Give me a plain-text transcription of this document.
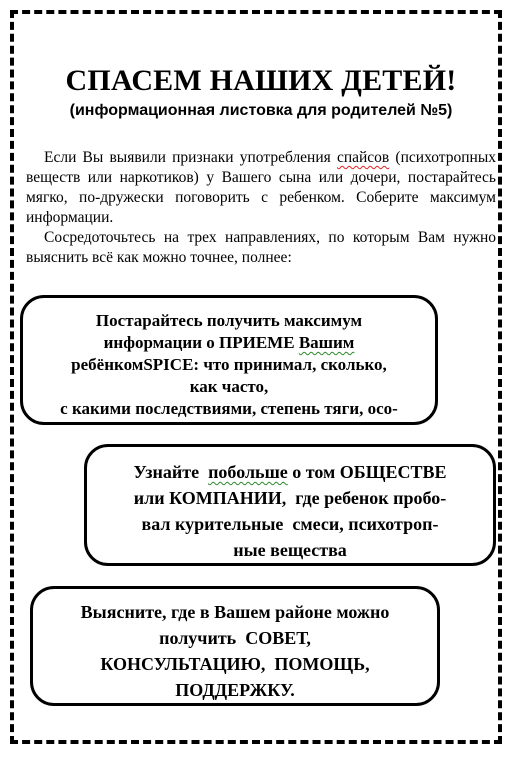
СПАСЕМ НАШИХ ДЕТЕЙ!
(информационная листовка для родителей №5)

Если Вы выявили признаки употребления спайсов (психотропных веществ или наркотиков) у Вашего сына или дочери, постарайтесь мягко, по-дружески поговорить с ребенком. Соберите максимум информации.

Сосредоточьтесь на трех направлениях, по которым Вам нужно выяснить всё как можно точнее, полнее:

Постарайтесь получить максимум
информации о ПРИЕМЕ Вашим
ребёнкомSPICE: что принимал, сколько,
как часто,
с какими последствиями, степень тяги, осо-
Узнайте  побольше о том ОБЩЕСТВЕ
или КОМПАНИИ,  где ребенок пробо-
вал курительные  смеси, психотроп-
ные вещества
Выясните, где в Вашем районе можно
получить  СОВЕТ,
КОНСУЛЬТАЦИЮ,  ПОМОЩЬ,
ПОДДЕРЖКУ.
